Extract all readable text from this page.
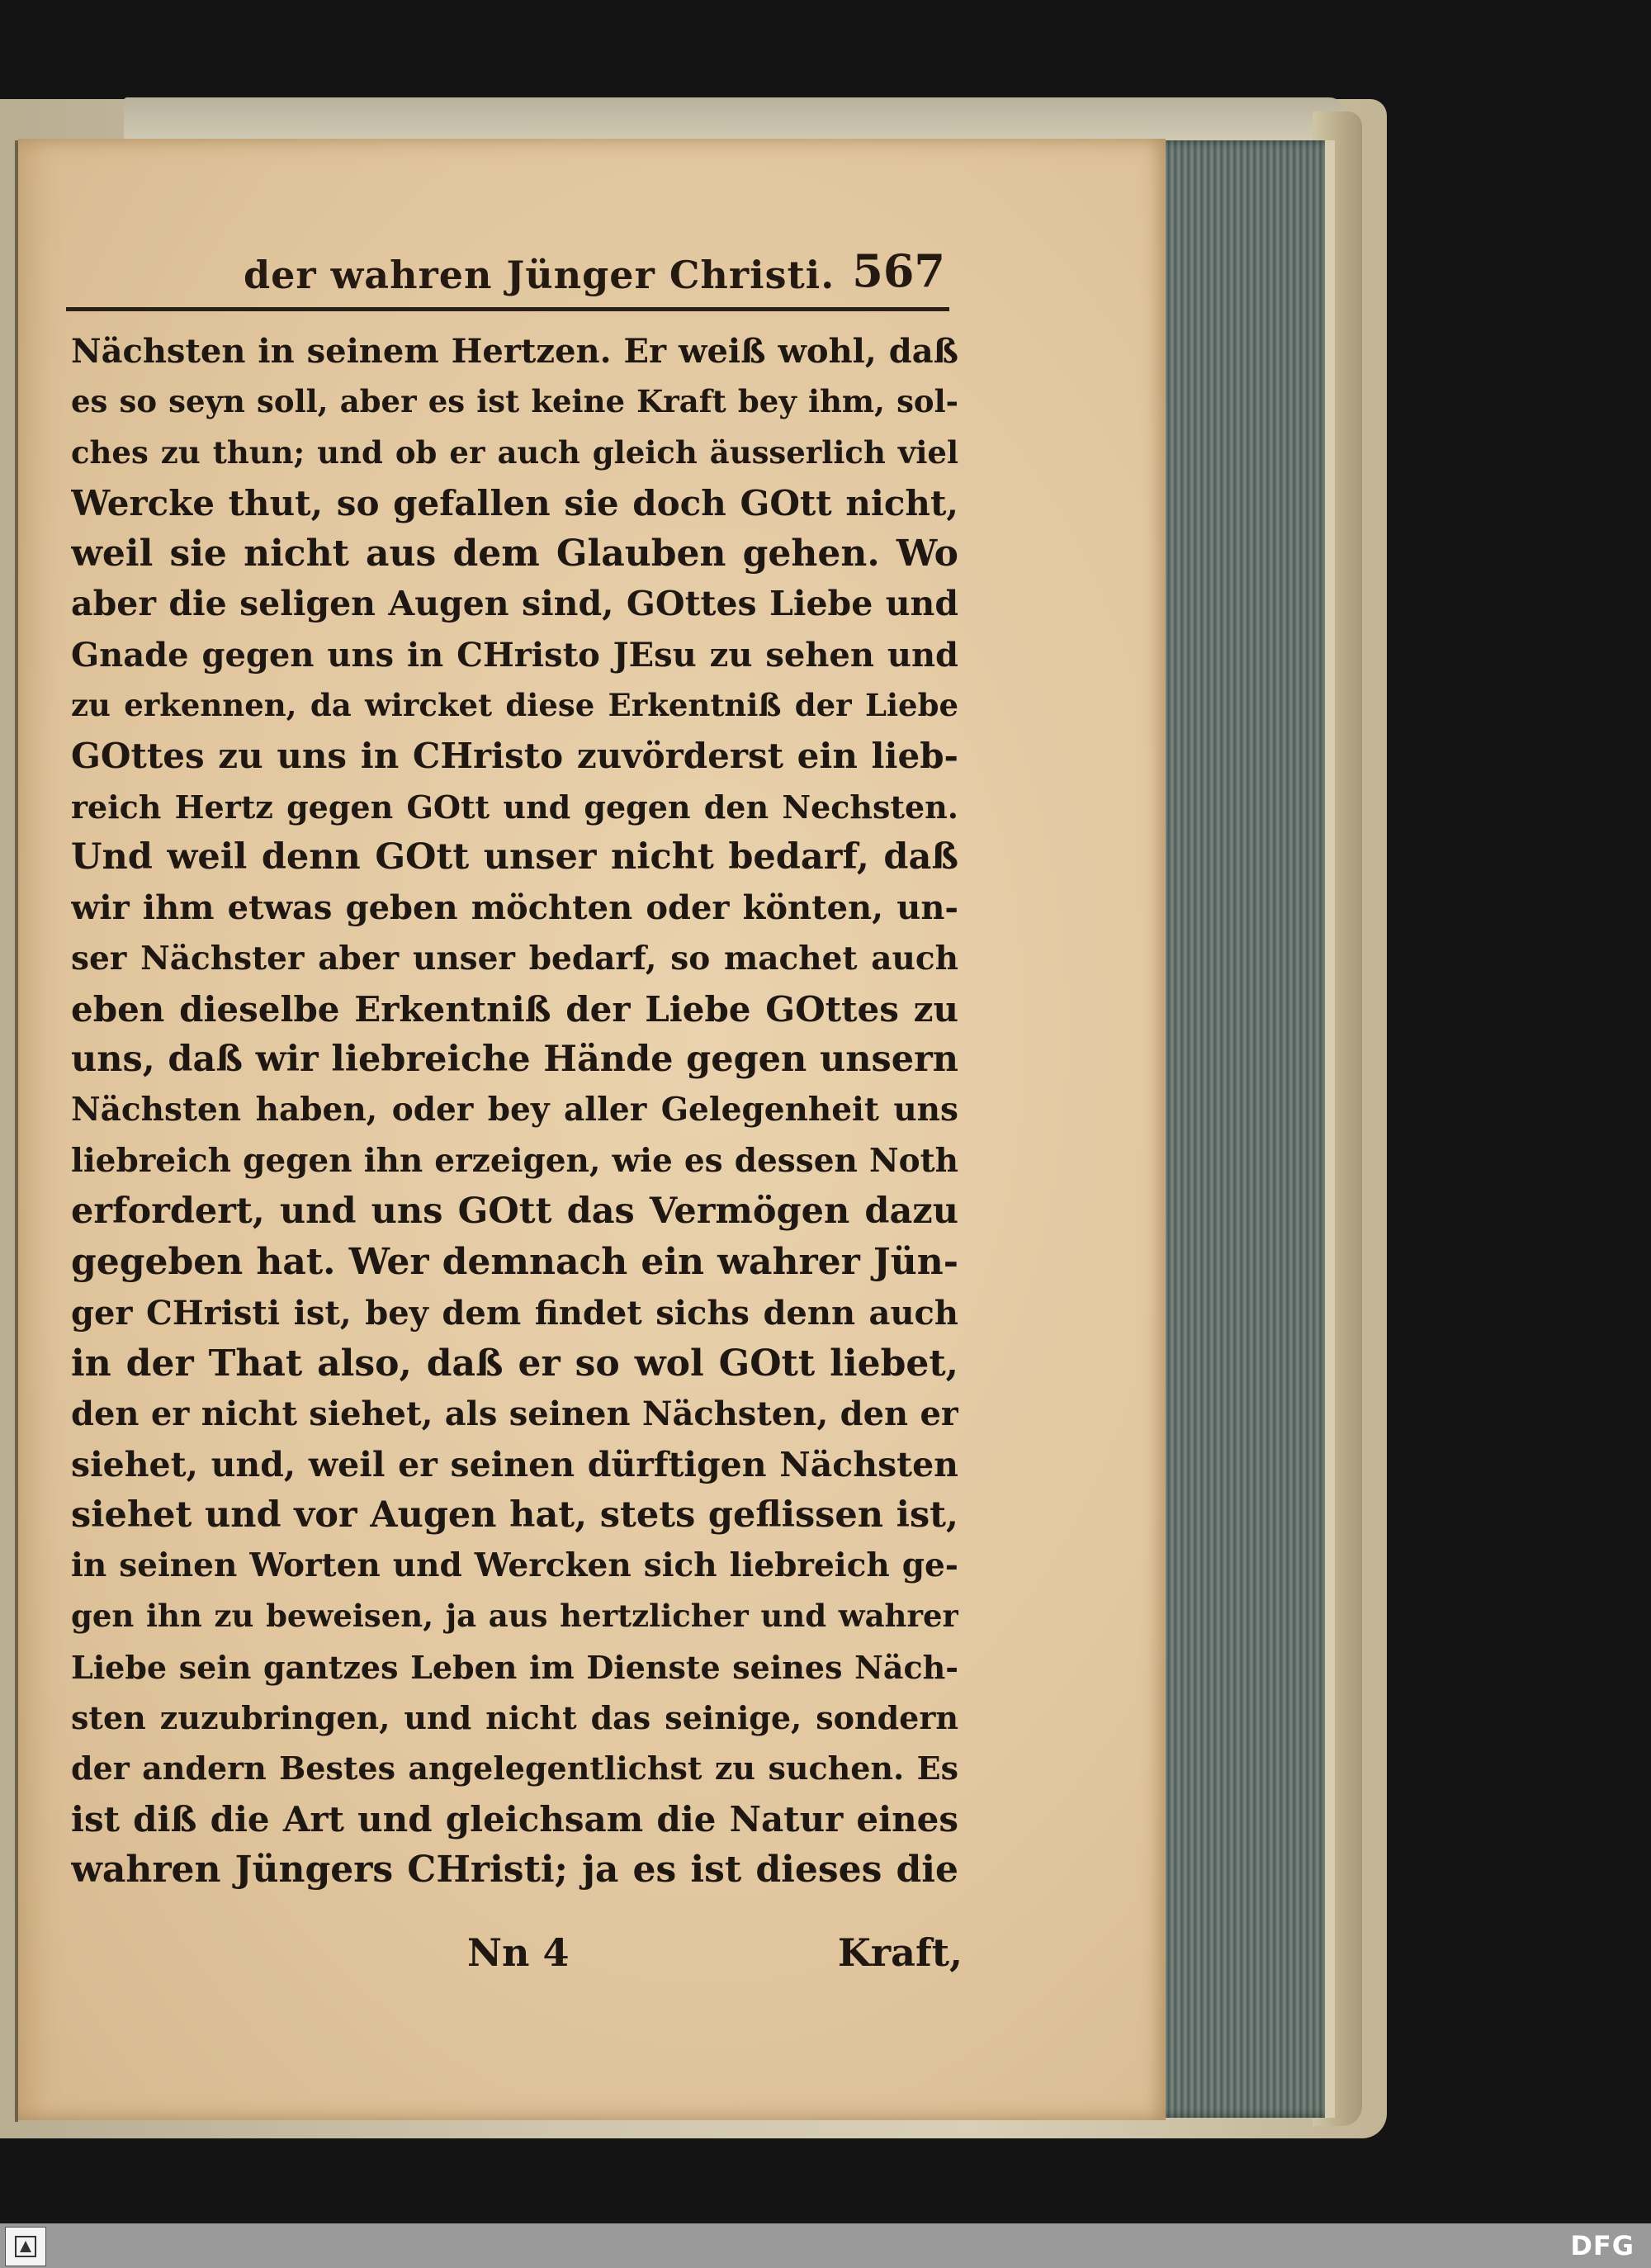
der wahren Jünger Christi. 567
Nächsten in seinem Hertzen. Er weiß wohl, daß
es so seyn soll, aber es ist keine Kraft bey ihm, sol-
ches zu thun; und ob er auch gleich äusserlich viel
Wercke thut, so gefallen sie doch GOtt nicht,
weil sie nicht aus dem Glauben gehen. Wo
aber die seligen Augen sind, GOttes Liebe und
Gnade gegen uns in CHristo JEsu zu sehen und
zu erkennen, da wircket diese Erkentniß der Liebe
GOttes zu uns in CHristo zuvörderst ein lieb-
reich Hertz gegen GOtt und gegen den Nechsten.
Und weil denn GOtt unser nicht bedarf, daß
wir ihm etwas geben möchten oder könten, un-
ser Nächster aber unser bedarf, so machet auch
eben dieselbe Erkentniß der Liebe GOttes zu
uns, daß wir liebreiche Hände gegen unsern
Nächsten haben, oder bey aller Gelegenheit uns
liebreich gegen ihn erzeigen, wie es dessen Noth
erfordert, und uns GOtt das Vermögen dazu
gegeben hat. Wer demnach ein wahrer Jün-
ger CHristi ist, bey dem findet sichs denn auch
in der That also, daß er so wol GOtt liebet,
den er nicht siehet, als seinen Nächsten, den er
siehet, und, weil er seinen dürftigen Nächsten
siehet und vor Augen hat, stets geflissen ist,
in seinen Worten und Wercken sich liebreich ge-
gen ihn zu beweisen, ja aus hertzlicher und wahrer
Liebe sein gantzes Leben im Dienste seines Näch-
sten zuzubringen, und nicht das seinige, sondern
der andern Bestes angelegentlichst zu suchen. Es
ist diß die Art und gleichsam die Natur eines
wahren Jüngers CHristi; ja es ist dieses die
Nn 4	Kraft,
DFG
